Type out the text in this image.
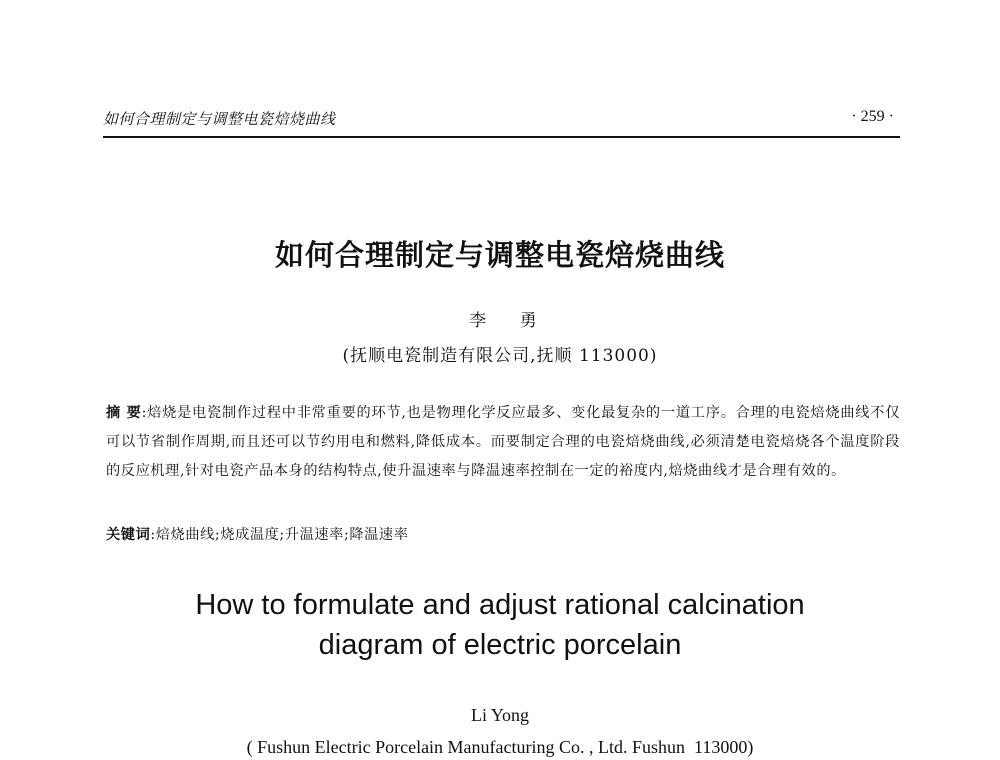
如何合理制定与调整电瓷焙烧曲线	· 259 ·
如何合理制定与调整电瓷焙烧曲线
李 勇
(抚顺电瓷制造有限公司,抚顺 113000)
摘 要:焙烧是电瓷制作过程中非常重要的环节,也是物理化学反应最多、变化最复杂的一道工序。合理的电瓷焙烧曲线不仅可以节省制作周期,而且还可以节约用电和燃料,降低成本。而要制定合理的电瓷焙烧曲线,必须清楚电瓷焙烧各个温度阶段的反应机理,针对电瓷产品本身的结构特点,使升温速率与降温速率控制在一定的裕度内,焙烧曲线才是合理有效的。
关键词:焙烧曲线;烧成温度;升温速率;降温速率
How to formulate and adjust rational calcination
diagram of electric porcelain
Li Yong
( Fushun Electric Porcelain Manufacturing Co. , Ltd. Fushun  113000)
